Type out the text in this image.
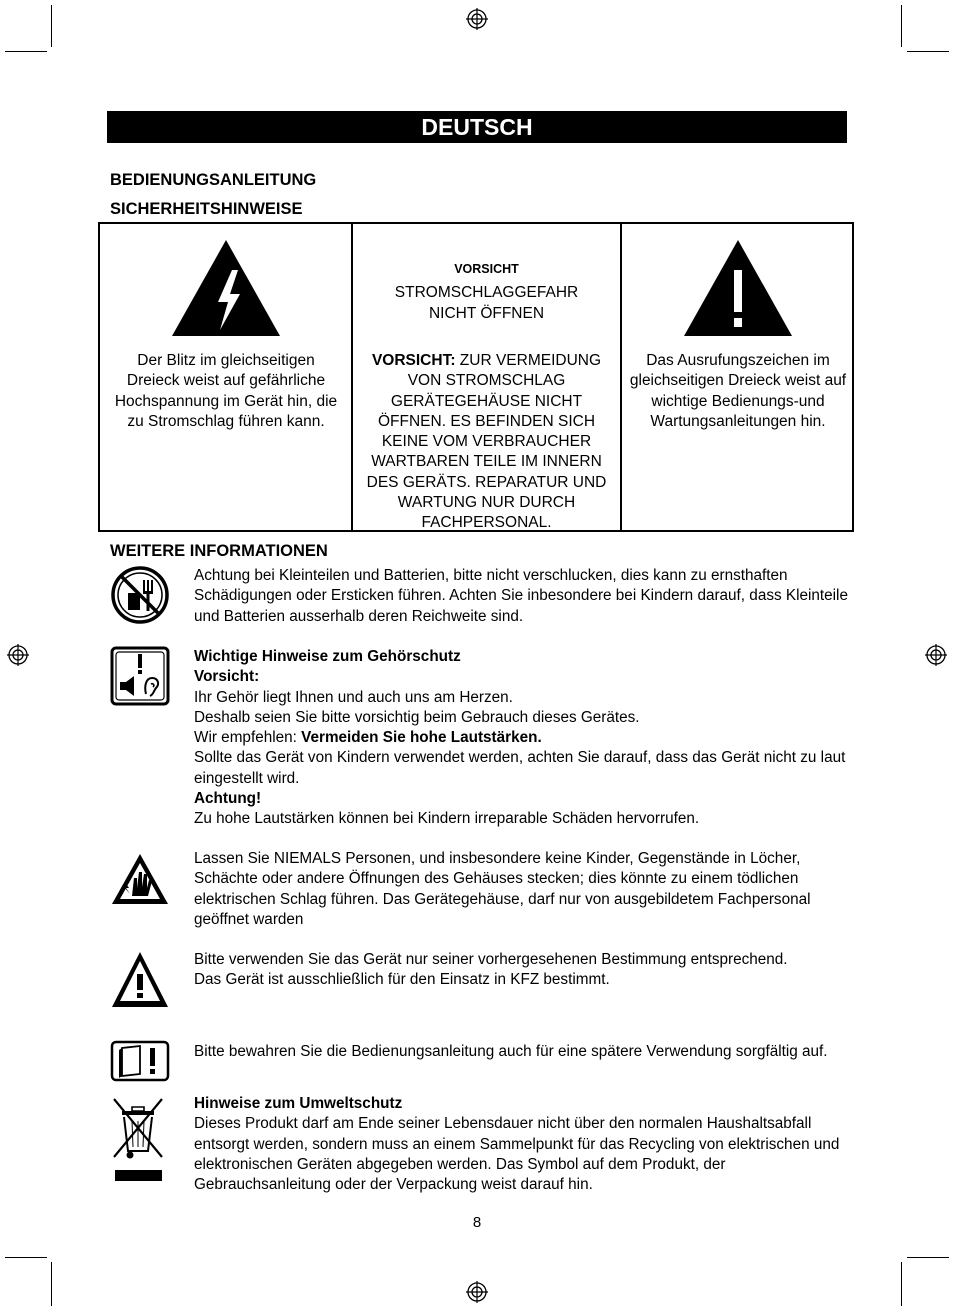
DEUTSCH
BEDIENUNGSANLEITUNG
SICHERHEITSHINWEISE
Der Blitz im gleichseitigen Dreieck weist auf gefährliche Hochspannung im Gerät hin, die zu Stromschlag führen kann.
VORSICHT
STROMSCHLAGGEFAHR
NICHT ÖFFNEN
VORSICHT: ZUR VERMEIDUNG VON STROMSCHLAG GERÄTEGEHÄUSE NICHT ÖFFNEN. ES BEFINDEN SICH KEINE VOM VERBRAUCHER WARTBAREN TEILE IM INNERN DES GERÄTS. REPARATUR UND WARTUNG NUR DURCH FACHPERSONAL.
Das Ausrufungszeichen im gleichseitigen Dreieck weist auf wichtige Bedienungs-und Wartungsanleitungen hin.
WEITERE INFORMATIONEN
Achtung bei Kleinteilen und Batterien, bitte nicht verschlucken, dies kann zu ernsthaften Schädigungen oder Ersticken führen. Achten Sie inbesondere bei Kindern darauf, dass Kleinteile und Batterien ausserhalb deren Reichweite sind.
Wichtige Hinweise zum Gehörschutz
Vorsicht:
Ihr Gehör liegt Ihnen und auch uns am Herzen.
Deshalb seien Sie bitte vorsichtig beim Gebrauch dieses Gerätes.
Wir empfehlen: Vermeiden Sie hohe Lautstärken.
Sollte das Gerät von Kindern verwendet werden, achten Sie darauf, dass das Gerät nicht zu laut eingestellt wird.
Achtung!
Zu hohe Lautstärken können bei Kindern irreparable Schäden hervorrufen.
Lassen Sie NIEMALS Personen, und insbesondere keine Kinder, Gegenstände in Löcher, Schächte oder andere Öffnungen des Gehäuses stecken; dies könnte zu einem tödlichen elektrischen Schlag führen. Das Gerätegehäuse, darf nur von ausgebildetem Fachpersonal geöffnet warden
Bitte verwenden Sie das Gerät nur seiner vorhergesehenen Bestimmung entsprechend.
Das Gerät ist ausschließlich für den Einsatz in KFZ bestimmt.
Bitte bewahren Sie die Bedienungsanleitung auch für eine spätere Verwendung sorgfältig auf.
Hinweise zum Umweltschutz
Dieses Produkt darf am Ende seiner Lebensdauer nicht über den normalen Haushaltsabfall entsorgt werden, sondern muss an einem Sammelpunkt für das Recycling von elektrischen und elektronischen Geräten abgegeben werden. Das Symbol auf dem Produkt, der Gebrauchsanleitung oder der Verpackung weist darauf hin.
8
